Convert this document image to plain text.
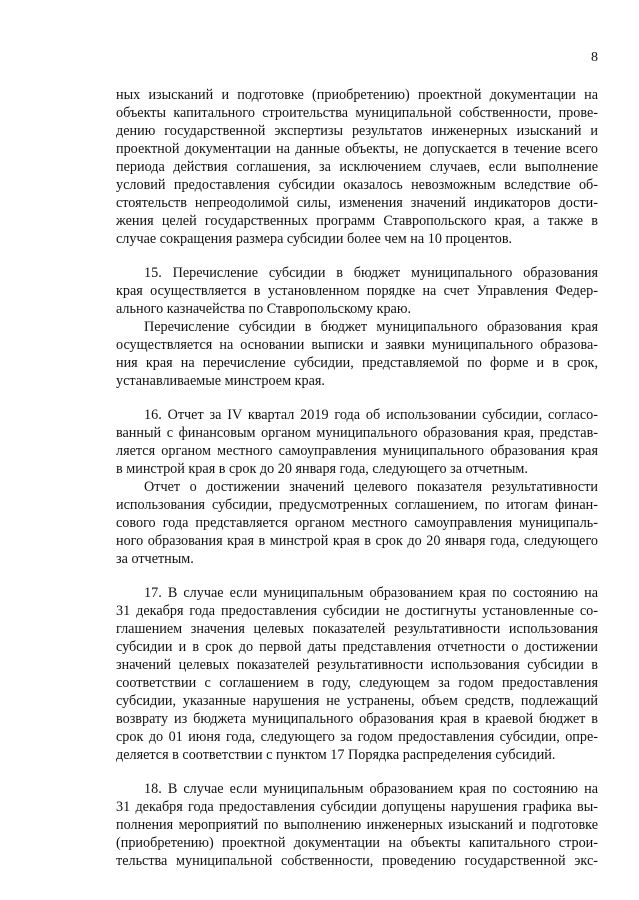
8
ных изысканий и подготовке (приобретению) проектной документации на
объекты капитального строительства муниципальной собственности, прове-
дению государственной экспертизы результатов инженерных изысканий и
проектной документации на данные объекты, не допускается в течение всего
периода действия соглашения, за исключением случаев, если выполнение
условий предоставления субсидии оказалось невозможным вследствие об-
стоятельств непреодолимой силы, изменения значений индикаторов дости-
жения целей государственных программ Ставропольского края, а также в
случае сокращения размера субсидии более чем на 10 процентов.
15. Перечисление субсидии в бюджет муниципального образования
края осуществляется в установленном порядке на счет Управления Федер-
ального казначейства по Ставропольскому краю.
Перечисление субсидии в бюджет муниципального образования края
осуществляется на основании выписки и заявки муниципального образова-
ния края на перечисление субсидии, представляемой по форме и в срок,
устанавливаемые минстроем края.
16. Отчет за IV квартал 2019 года об использовании субсидии, согласо-
ванный с финансовым органом муниципального образования края, представ-
ляется органом местного самоуправления муниципального образования края
в минстрой края в срок до 20 января года, следующего за отчетным.
Отчет о достижении значений целевого показателя результативности
использования субсидии, предусмотренных соглашением, по итогам финан-
сового года представляется органом местного самоуправления муниципаль-
ного образования края в минстрой края в срок до 20 января года, следующего
за отчетным.
17. В случае если муниципальным образованием края по состоянию на
31 декабря года предоставления субсидии не достигнуты установленные со-
глашением значения целевых показателей результативности использования
субсидии и в срок до первой даты представления отчетности о достижении
значений целевых показателей результативности использования субсидии в
соответствии с соглашением в году, следующем за годом предоставления
субсидии, указанные нарушения не устранены, объем средств, подлежащий
возврату из бюджета муниципального образования края в краевой бюджет в
срок до 01 июня года, следующего за годом предоставления субсидии, опре-
деляется в соответствии с пунктом 17 Порядка распределения субсидий.
18. В случае если муниципальным образованием края по состоянию на
31 декабря года предоставления субсидии допущены нарушения графика вы-
полнения мероприятий по выполнению инженерных изысканий и подготовке
(приобретению) проектной документации на объекты капитального строи-
тельства муниципальной собственности, проведению государственной экс-
